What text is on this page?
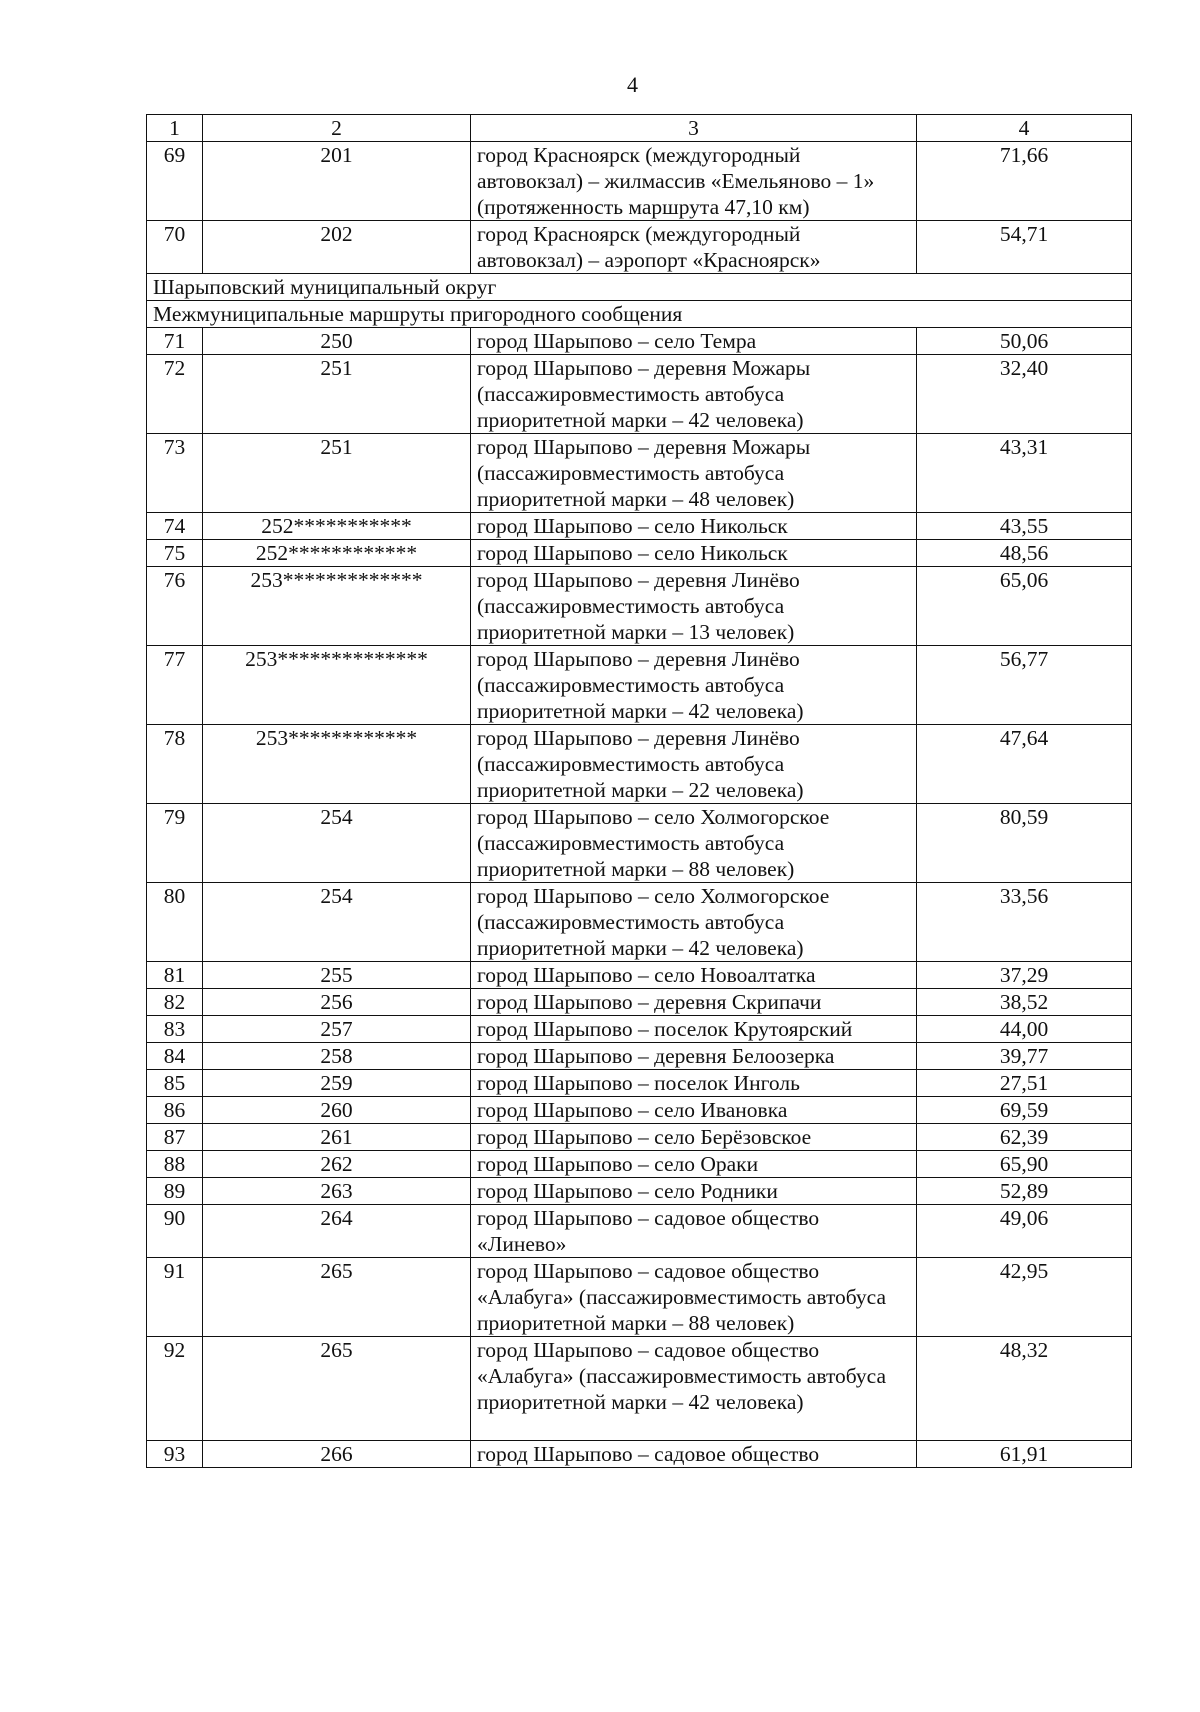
4
1	2	3	4
69	201	город Красноярск (междугородный автовокзал) – жилмассив «Емельяново – 1» (протяженность маршрута 47,10 км)	71,66
70	202	город Красноярск (междугородный автовокзал) – аэропорт «Красноярск»	54,71
Шарыповский муниципальный округ			
Межмуниципальные маршруты пригородного сообщения			
71	250	город Шарыпово – село Темра	50,06
72	251	город Шарыпово – деревня Можары (пассажировместимость автобуса приоритетной марки – 42 человека)	32,40
73	251	город Шарыпово – деревня Можары (пассажировместимость автобуса приоритетной марки – 48 человек)	43,31
74	252***********	город Шарыпово – село Никольск	43,55
75	252************	город Шарыпово – село Никольск	48,56
76	253*************	город Шарыпово – деревня Линёво (пассажировместимость автобуса приоритетной марки – 13 человек)	65,06
77	253**************	город Шарыпово – деревня Линёво (пассажировместимость автобуса приоритетной марки – 42 человека)	56,77
78	253************	город Шарыпово – деревня Линёво (пассажировместимость автобуса приоритетной марки – 22 человека)	47,64
79	254	город Шарыпово – село Холмогорское (пассажировместимость автобуса приоритетной марки – 88 человек)	80,59
80	254	город Шарыпово – село Холмогорское (пассажировместимость автобуса приоритетной марки – 42 человека)	33,56
81	255	город Шарыпово – село Новоалтатка	37,29
82	256	город Шарыпово – деревня Скрипачи	38,52
83	257	город Шарыпово – поселок Крутоярский	44,00
84	258	город Шарыпово – деревня Белоозерка	39,77
85	259	город Шарыпово – поселок Инголь	27,51
86	260	город Шарыпово – село Ивановка	69,59
87	261	город Шарыпово – село Берёзовское	62,39
88	262	город Шарыпово – село Ораки	65,90
89	263	город Шарыпово – село Родники	52,89
90	264	город Шарыпово – садовое общество «Линево»	49,06
91	265	город Шарыпово – садовое общество «Алабуга» (пассажировместимость автобуса приоритетной марки – 88 человек)	42,95
92	265	город Шарыпово – садовое общество «Алабуга» (пассажировместимость автобуса приоритетной марки – 42 человека)	48,32
93	266	город Шарыпово – садовое общество	61,91
